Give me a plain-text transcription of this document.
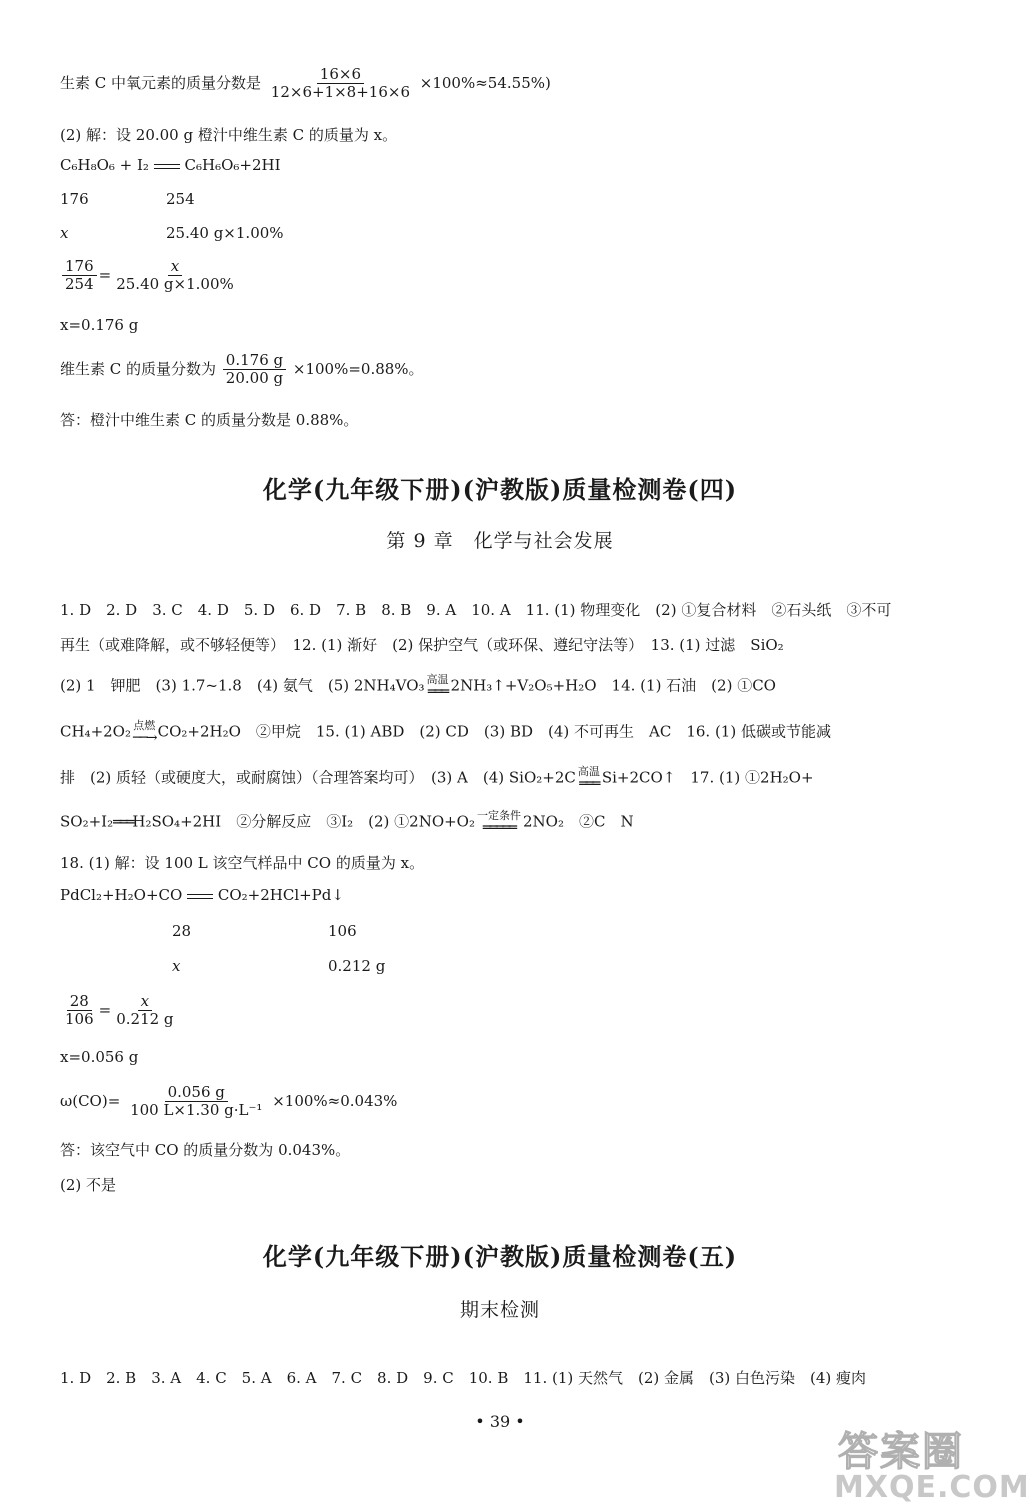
生素 C 中氧元素的质量分数是 $\frac{16\times 6}{12\times 6+1\times 8+16\times 6} \times 100\%\approx 54.55\%$)
(2) 解：设 20.00 g 橙汁中维生素 C 的质量为 x。
C₆H₈O₆ + I₂ C₆H₆O₆+2HI
176	254
x	25.40 g×1.00%
$\frac{176}{254} = \frac{x}{25.40 g\times 1.00\%}$
x=0.176 g
维生素 C 的质量分数为 $\frac{0.176 g}{20.00 g} \times 100\%=0.88\%$。
答：橙汁中维生素 C 的质量分数是 0.88%。
化学(九年级下册)(沪教版)质量检测卷(四)
第 9 章　化学与社会发展
1. D　2. D　3. C　4. D　5. D　6. D　7. B　8. B　9. A　10. A　11. (1) 物理变化　(2) ①复合材料　②石头纸　③不可
再生（或难降解，或不够轻便等）　12. (1) 渐好　(2) 保护空气（或环保、遵纪守法等）　13. (1) 过滤　SiO₂
(2) 1　钾肥　(3) 1.7~1.8　(4) 氨气　(5) 2NH₄VO₃ 高温
═══ 2NH₃↑+V₂O₅+H₂O　14. (1) 石油　(2) ①CO
CH₄+2O₂ 点燃
──→ CO₂+2H₂O　②甲烷　15. (1) ABD　(2) CD　(3) BD　(4) 不可再生　AC　16. (1) 低碳或节能减
排　(2) 质轻（或硬度大，或耐腐蚀）（合理答案均可）　(3) A　(4) SiO₂+2C 高温
═══ Si+2CO↑　17. (1) ①2H₂O+
SO₂+I₂═══H₂SO₄+2HI　②分解反应　③I₂　(2) ①2NO+O₂ 一定条件
═════ 2NO₂　②C　N
18. (1) 解：设 100 L 该空气样品中 CO 的质量为 x。
PdCl₂+H₂O+CO CO₂+2HCl+Pd↓
28	106
x	0.212 g
$\frac{28}{106} = \frac{x}{0.212 g}$
x=0.056 g
$\omega(CO)= \frac{0.056 g}{\text{100 L×1.30 g·L⁻¹}} \times 100\%\approx 0.043\%$
答：该空气中 CO 的质量分数为 0.043%。
(2) 不是
化学(九年级下册)(沪教版)质量检测卷(五)
期末检测
1. D　2. B　3. A　4. C　5. A　6. A　7. C　8. D　9. C　10. B　11. (1) 天然气　(2) 金属　(3) 白色污染　(4) 瘦肉
• 39 •
答案圈
MXQE.COM
